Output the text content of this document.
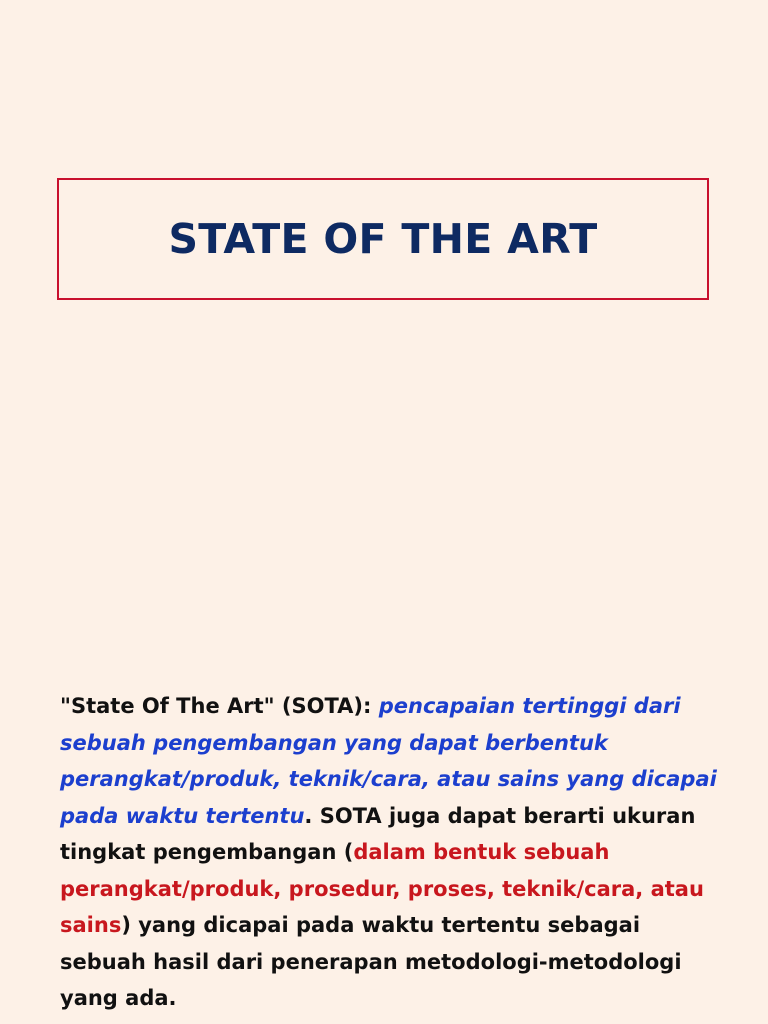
STATE OF THE ART

"State Of The Art" (SOTA): pencapaian tertinggi dari sebuah pengembangan yang dapat berbentuk perangkat/produk, teknik/cara, atau sains yang dicapai pada waktu tertentu. SOTA juga dapat berarti ukuran tingkat pengembangan (dalam bentuk sebuah perangkat/produk, prosedur, proses, teknik/cara, atau sains) yang dicapai pada waktu tertentu sebagai sebuah hasil dari penerapan metodologi-metodologi yang ada.
